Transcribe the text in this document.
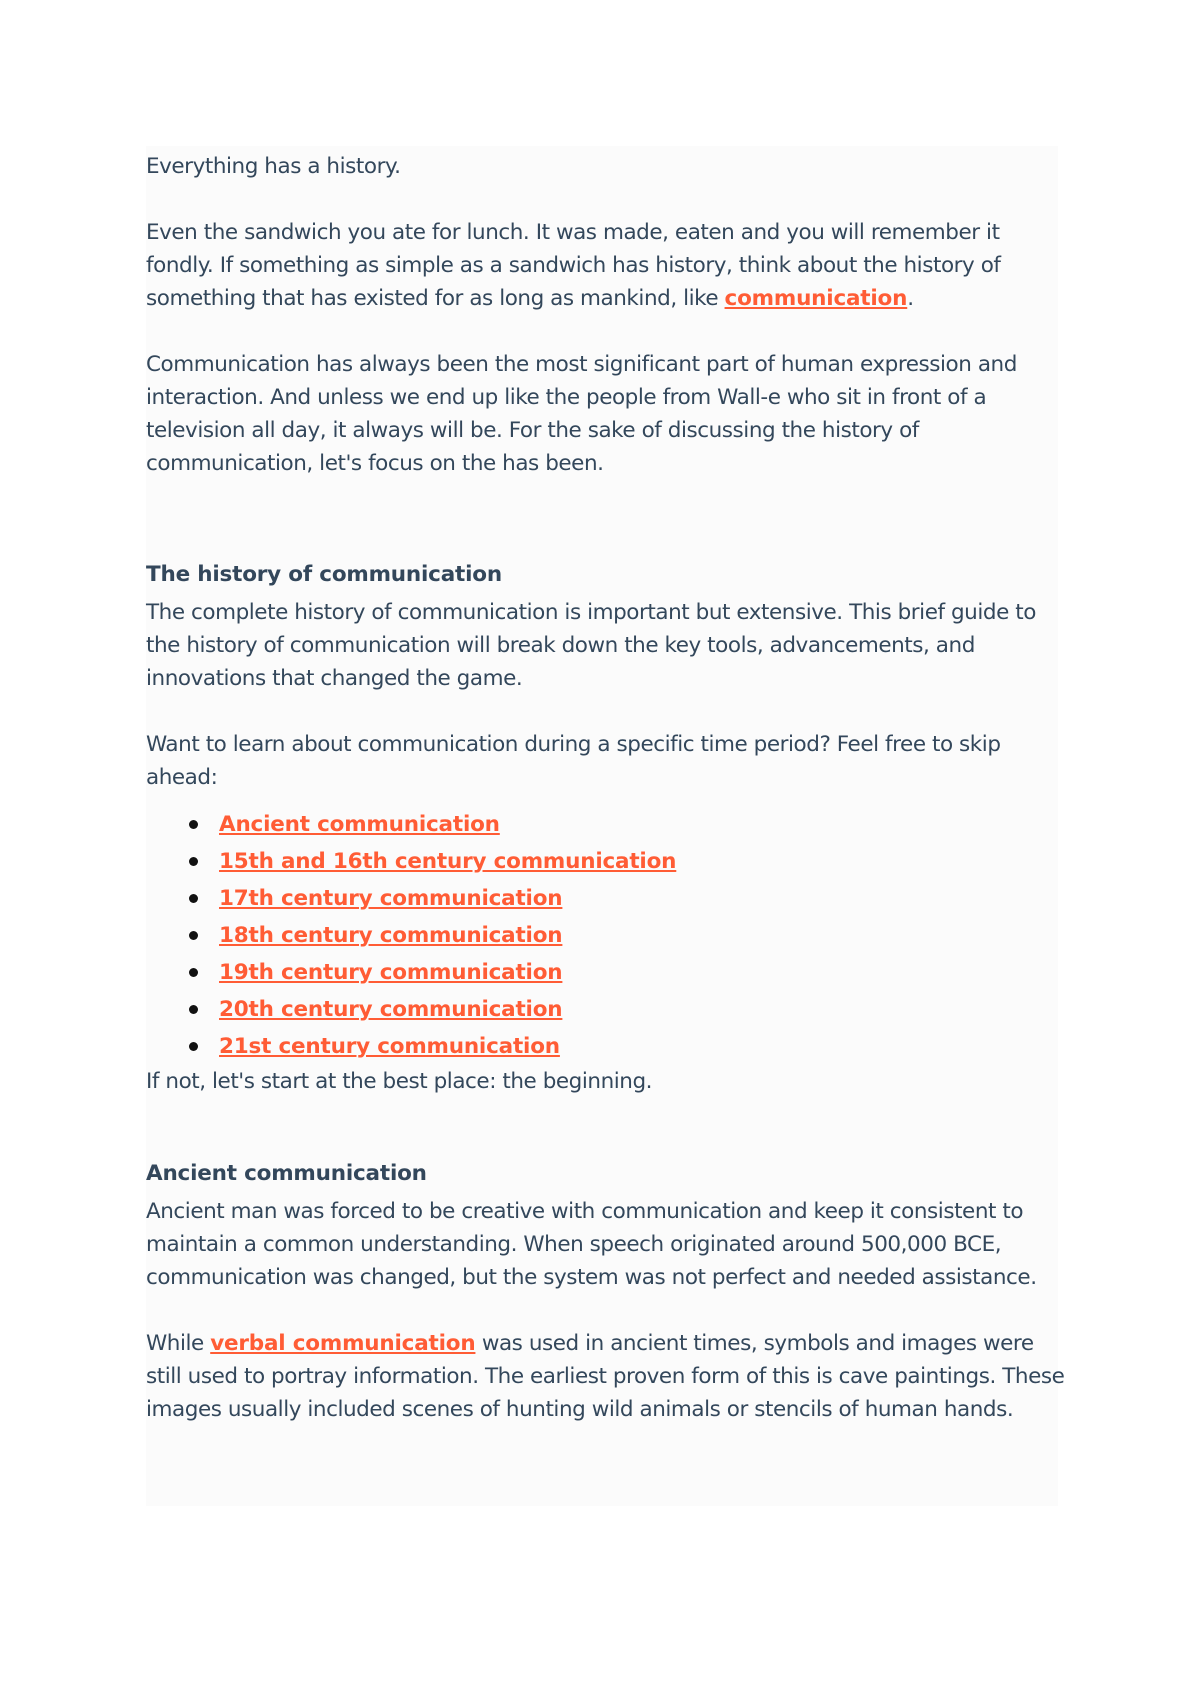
Everything has a history.

Even the sandwich you ate for lunch. It was made, eaten and you will remember it fondly. If something as simple as a sandwich has history, think about the history of something that has existed for as long as mankind, like communication.

Communication has always been the most significant part of human expression and interaction. And unless we end up like the people from Wall-e who sit in front of a television all day, it always will be. For the sake of discussing the history of communication, let's focus on the has been.

The history of communication

The complete history of communication is important but extensive. This brief guide to the history of communication will break down the key tools, advancements, and innovations that changed the game.

Want to learn about communication during a specific time period? Feel free to skip ahead:

Ancient communication
15th and 16th century communication
17th century communication
18th century communication
19th century communication
20th century communication
21st century communication

If not, let's start at the best place: the beginning.

Ancient communication

Ancient man was forced to be creative with communication and keep it consistent to maintain a common understanding. When speech originated around 500,000 BCE, communication was changed, but the system was not perfect and needed assistance.

While verbal communication was used in ancient times, symbols and images were still used to portray information. The earliest proven form of this is cave paintings. These images usually included scenes of hunting wild animals or stencils of human hands.
